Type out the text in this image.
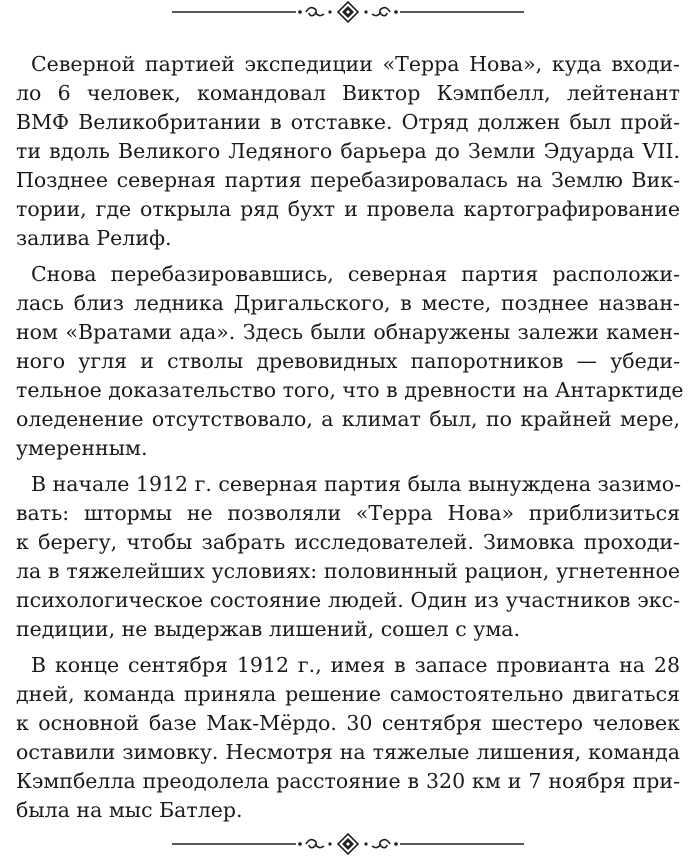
Северной партией экспедиции «Терра Нова», куда входи-
ло 6 человек, командовал Виктор Кэмпбелл, лейтенант
ВМФ Великобритании в отставке. Отряд должен был прой-
ти вдоль Великого Ледяного барьера до Земли Эдуарда VII.
Позднее северная партия перебазировалась на Землю Вик-
тории, где открыла ряд бухт и провела картографирование
залива Релиф.

Снова перебазировавшись, северная партия расположи-
лась близ ледника Дригальского, в месте, позднее назван-
ном «Вратами ада». Здесь были обнаружены залежи камен-
ного угля и стволы древовидных папоротников — убеди-
тельное доказательство того, что в древности на Антарктиде
оледенение отсутствовало, а климат был, по крайней мере,
умеренным.

В начале 1912 г. северная партия была вынуждена зазимо-
вать: штормы не позволяли «Терра Нова» приблизиться
к берегу, чтобы забрать исследователей. Зимовка проходи-
ла в тяжелейших условиях: половинный рацион, угнетенное
психологическое состояние людей. Один из участников экс-
педиции, не выдержав лишений, сошел с ума.

В конце сентября 1912 г., имея в запасе провианта на 28
дней, команда приняла решение самостоятельно двигаться
к основной базе Мак-Мёрдо. 30 сентября шестеро человек
оставили зимовку. Несмотря на тяжелые лишения, команда
Кэмпбелла преодолела расстояние в 320 км и 7 ноября при-
была на мыс Батлер.
